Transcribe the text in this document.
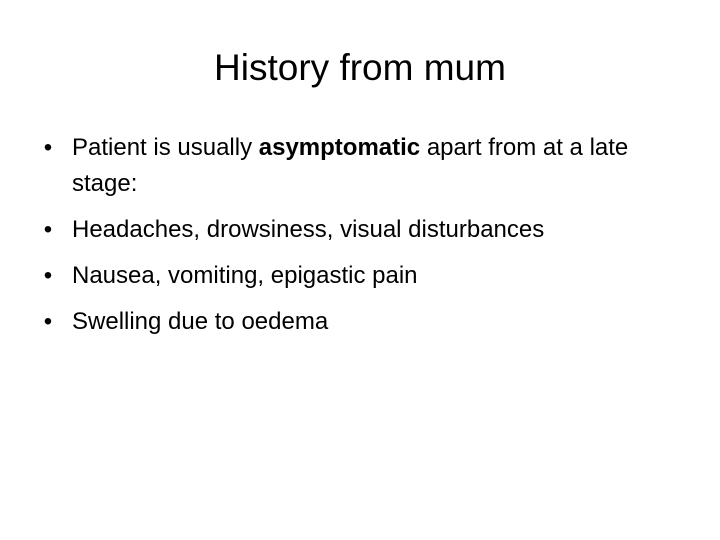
History from mum
• Patient is usually asymptomatic apart from at a late stage:
• Headaches, drowsiness, visual disturbances
• Nausea, vomiting, epigastic pain
• Swelling due to oedema
